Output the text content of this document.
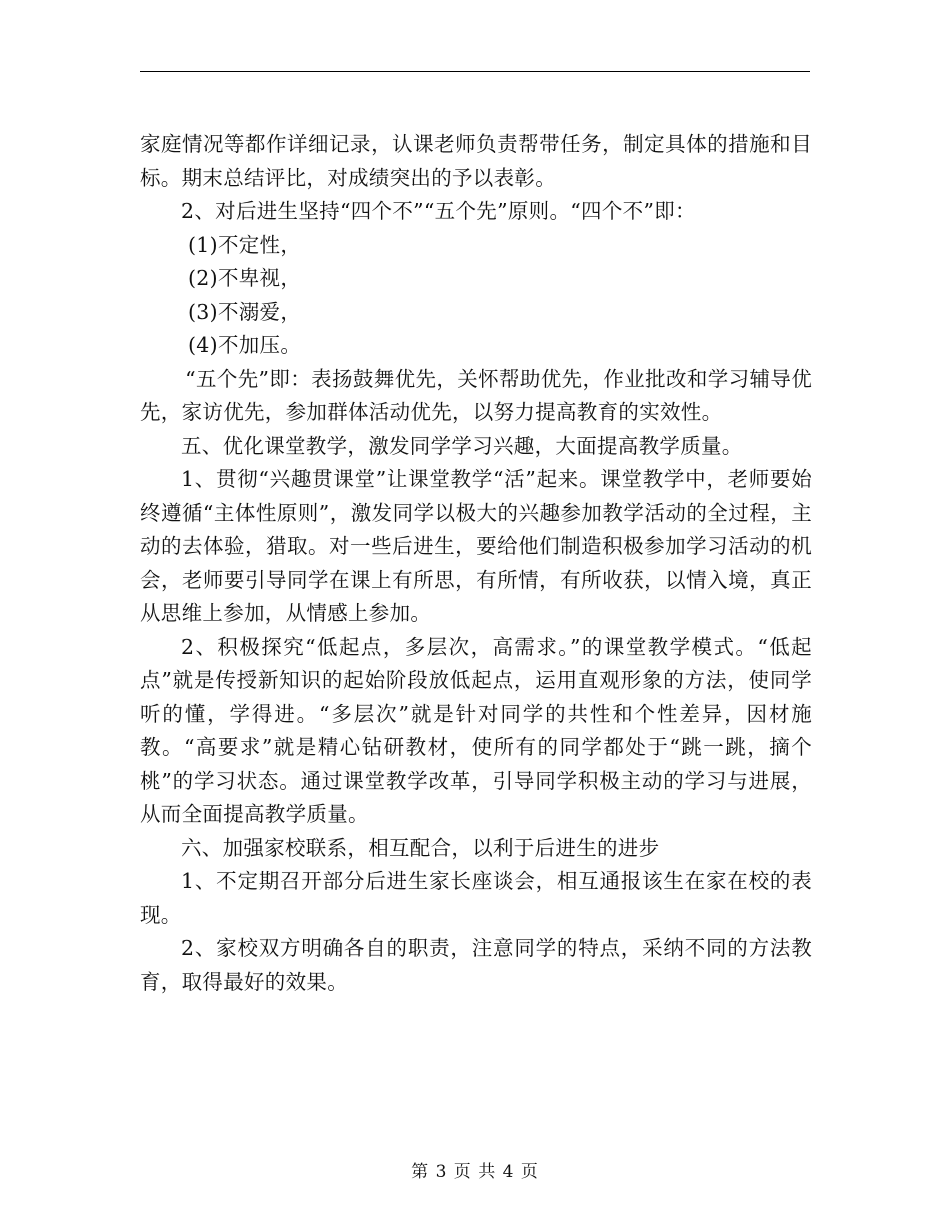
家庭情况等都作详细记录，认课老师负责帮带任务，制定具体的措施和目标。期末总结评比，对成绩突出的予以表彰。

2、对后进生坚持“四个不”“五个先”原则。“四个不”即：

(1)不定性，

(2)不卑视，

(3)不溺爱，

(4)不加压。

“五个先”即：表扬鼓舞优先，关怀帮助优先，作业批改和学习辅导优先，家访优先，参加群体活动优先，以努力提高教育的实效性。

五、优化课堂教学，激发同学学习兴趣，大面提高教学质量。

1、贯彻“兴趣贯课堂”让课堂教学“活”起来。课堂教学中，老师要始终遵循“主体性原则”，激发同学以极大的兴趣参加教学活动的全过程，主动的去体验，猎取。对一些后进生，要给他们制造积极参加学习活动的机会，老师要引导同学在课上有所思，有所情，有所收获，以情入境，真正从思维上参加，从情感上参加。

2、积极探究“低起点，多层次，高需求。”的课堂教学模式。“低起点”就是传授新知识的起始阶段放低起点，运用直观形象的方法，使同学听的懂，学得进。“多层次”就是针对同学的共性和个性差异，因材施教。“高要求”就是精心钻研教材，使所有的同学都处于“跳一跳，摘个桃”的学习状态。通过课堂教学改革，引导同学积极主动的学习与进展，从而全面提高教学质量。

六、加强家校联系，相互配合，以利于后进生的进步

1、不定期召开部分后进生家长座谈会，相互通报该生在家在校的表现。

2、家校双方明确各自的职责，注意同学的特点，采纳不同的方法教育，取得最好的效果。

第 3 页 共 4 页
